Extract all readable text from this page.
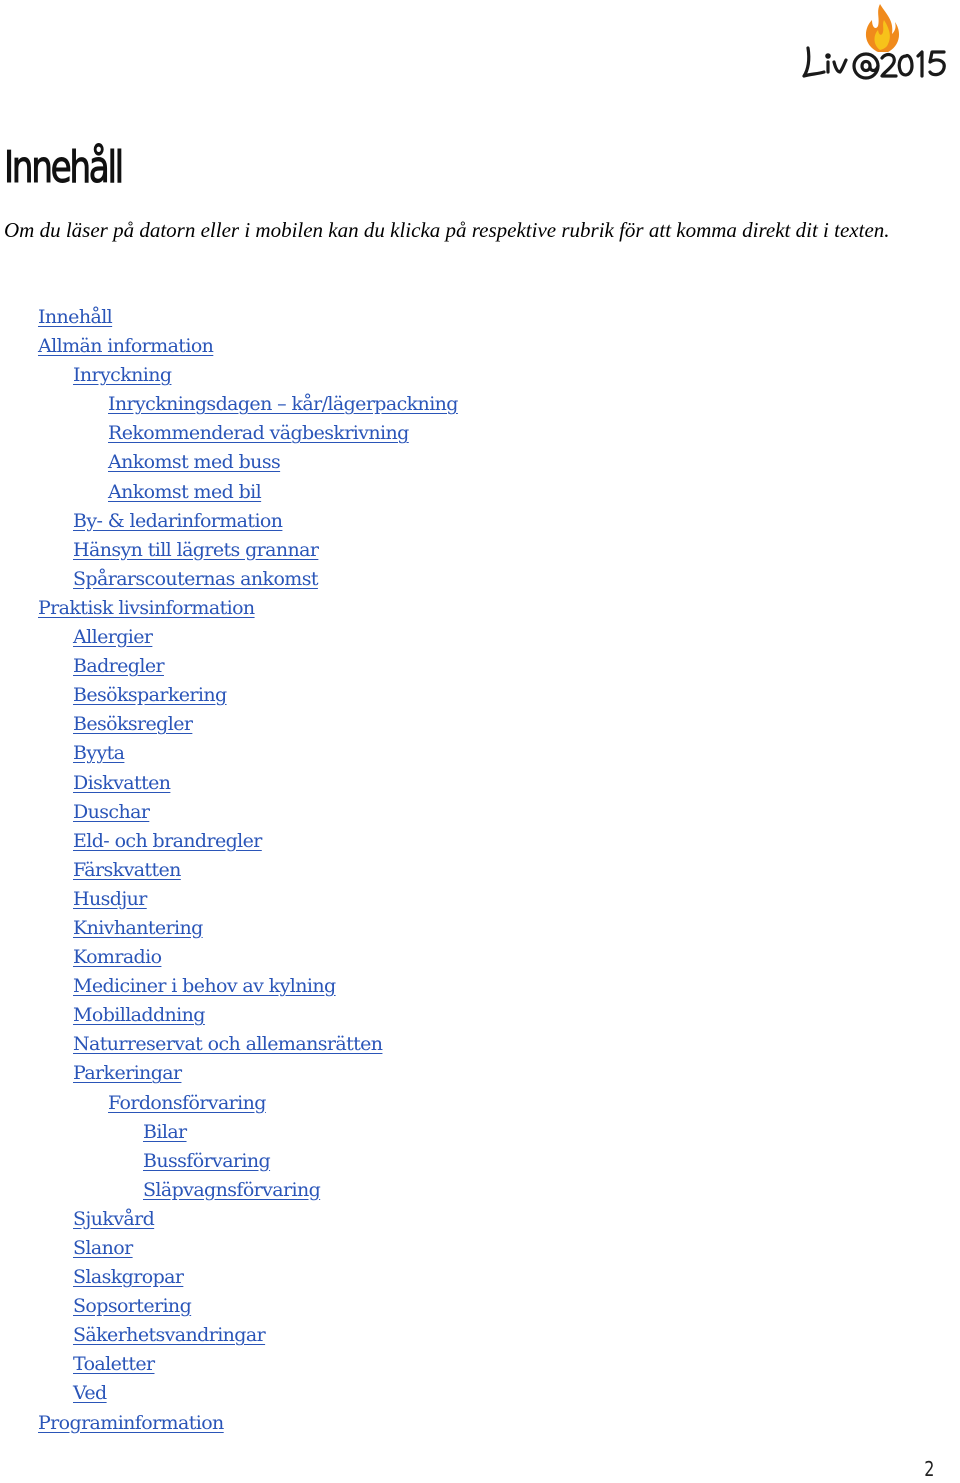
Innehåll

Om du läser på datorn eller i mobilen kan du klicka på respektive rubrik för att komma direkt dit i texten.

Innehåll
Allmän information
Inryckning
Inryckningsdagen – kår/lägerpackning
Rekommenderad vägbeskrivning
Ankomst med buss
Ankomst med bil
By- & ledarinformation
Hänsyn till lägrets grannar
Spårarscouternas ankomst
Praktisk livsinformation
Allergier
Badregler
Besöksparkering
Besöksregler
Byyta
Diskvatten
Duschar
Eld- och brandregler
Färskvatten
Husdjur
Knivhantering
Komradio
Mediciner i behov av kylning
Mobilladdning
Naturreservat och allemansrätten
Parkeringar
Fordonsförvaring
Bilar
Bussförvaring
Släpvagnsförvaring
Sjukvård
Slanor
Slaskgropar
Sopsortering
Säkerhetsvandringar
Toaletter
Ved
Programinformation
2
